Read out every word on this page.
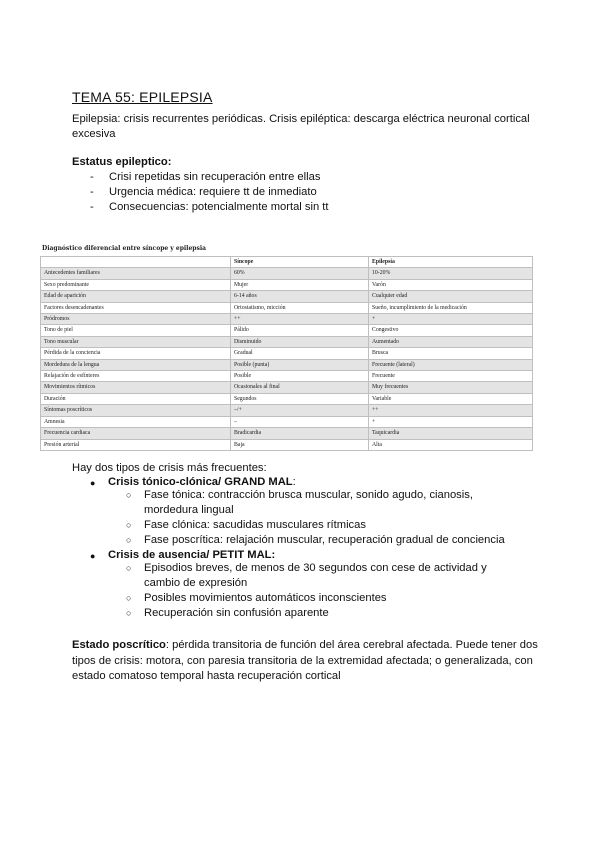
TEMA 55: EPILEPSIA

Epilepsia: crisis recurrentes periódicas. Crisis epiléptica: descarga eléctrica neuronal cortical excesiva

Estatus epileptico:

- Crisi repetidas sin recuperación entre ellas
- Urgencia médica: requiere tt de inmediato
- Consecuencias: potencialmente mortal sin tt

Diagnóstico diferencial entre síncope y epilepsia

	Síncope	Epilepsia
Antecedentes familiares	60%	10-20%
Sexo predominante	Mujer	Varón
Edad de aparición	6-14 años	Cualquier edad
Factores desencadenantes	Ortostatismo, micción	Sueño, incumplimiento de la medicación
Pródromos	++	+
Tono de piel	Pálido	Congestivo
Tono muscular	Disminuido	Aumentado
Pérdida de la conciencia	Gradual	Brusca
Mordedura de la lengua	Posible (punta)	Frecuente (lateral)
Relajación de esfínteres	Posible	Frecuente
Movimientos rítmicos	Ocasionales al final	Muy frecuentes
Duración	Segundos	Variable
Síntomas poscríticos	–/+	++
Amnesia	–	+
Frecuencia cardiaca	Bradicardia	Taquicardia
Presión arterial	Baja	Alta

Hay dos tipos de crisis más frecuentes:

● Crisis tónico-clónica/ GRAND MAL:
○ Fase tónica: contracción brusca muscular, sonido agudo, cianosis, mordedura lingual
○ Fase clónica: sacudidas musculares rítmicas
○ Fase poscrítica: relajación muscular, recuperación gradual de conciencia
● Crisis de ausencia/ PETIT MAL:
○ Episodios breves, de menos de 30 segundos con cese de actividad y cambio de expresión
○ Posibles movimientos automáticos inconscientes
○ Recuperación sin confusión aparente

Estado poscrítico: pérdida transitoria de función del área cerebral afectada. Puede tener dos tipos de crisis: motora, con paresia transitoria de la extremidad afectada; o generalizada, con estado comatoso temporal hasta recuperación cortical
